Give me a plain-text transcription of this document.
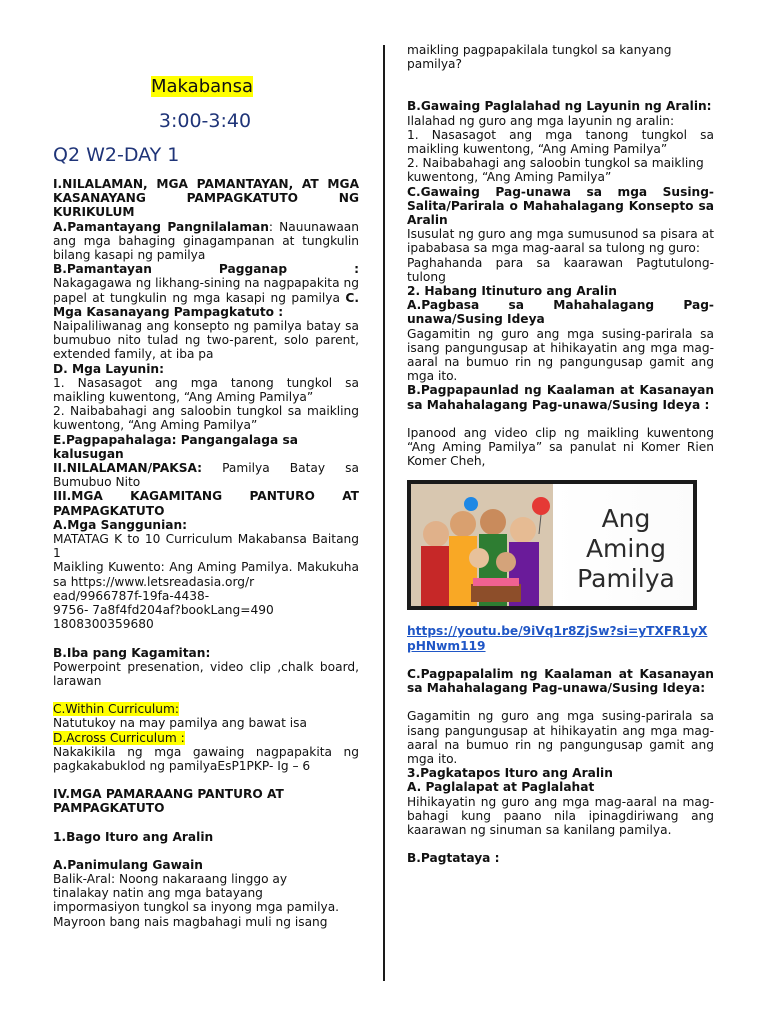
Makabansa
3:00-3:40
Q2 W2-DAY 1
I.NILALAMAN, MGA PAMANTAYAN, AT MGA KASANAYANG PAMPAGKATUTO NG KURIKULUM
A.Pamantayang Pangnilalaman: Nauunawaan ang mga bahaging ginagampanan at tungkulin bilang kasapi ng pamilya
B.Pamantayan Pagganap :
Nakagagawa ng likhang-sining na nagpapakita ng papel at tungkulin ng mga kasapi ng pamilya C. Mga Kasanayang Pampagkatuto :
Naipaliliwanag ang konsepto ng pamilya batay sa bumubuo nito tulad ng two-parent, solo parent, extended family, at iba pa
D. Mga Layunin:
1. Nasasagot ang mga tanong tungkol sa maikling kuwentong, “Ang Aming Pamilya”
2. Naibabahagi ang saloobin tungkol sa maikling kuwentong, “Ang Aming Pamilya”
E.Pagpapahalaga: Pangangalaga sa kalusugan
II.NILALAMAN/PAKSA: Pamilya Batay sa Bumubuo Nito
III.MGA KAGAMITANG PANTURO AT PAMPAGKATUTO
A.Mga Sanggunian:
MATATAG K to 10 Curriculum Makabansa Baitang 1
Maikling Kuwento: Ang Aming Pamilya. Makukuha sa https://www.letsreadasia.org/r
ead/9966787f-19fa-4438-
9756- 7a8f4fd204af?bookLang=490
1808300359680
B.Iba pang Kagamitan:
Powerpoint presenation, video clip ,chalk board, larawan
C.Within Curriculum:
Natutukoy na may pamilya ang bawat isa
D.Across Curriculum :
Nakakikila ng mga gawaing nagpapakita ng pagkakabuklod ng pamilyaEsP1PKP- Ig – 6
IV.MGA PAMARAANG PANTURO AT PAMPAGKATUTO
1.Bago Ituro ang Aralin
A.Panimulang Gawain
Balik-Aral: Noong nakaraang linggo ay
tinalakay natin ang mga batayang
impormasiyon tungkol sa inyong mga pamilya.
Mayroon bang nais magbahagi muli ng isang
maikling pagpapakilala tungkol sa kanyang pamilya?
B.Gawaing Paglalahad ng Layunin ng Aralin:
Ilalahad ng guro ang mga layunin ng aralin:
1. Nasasagot ang mga tanong tungkol sa maikling kuwentong, “Ang Aming Pamilya”
2. Naibabahagi ang saloobin tungkol sa maikling
kuwentong, “Ang Aming Pamilya”
C.Gawaing Pag-unawa sa mga Susing-Salita/Parirala o Mahahalagang Konsepto sa Aralin
Isusulat ng guro ang mga sumusunod sa pisara at ipababasa sa mga mag-aaral sa tulong ng guro:
Paghahanda para sa kaarawan Pagtutulong-tulong
2. Habang Itinuturo ang Aralin
A.Pagbasa sa Mahahalagang Pag-unawa/Susing Ideya
Gagamitin ng guro ang mga susing-parirala sa isang pangungusap at hihikayatin ang mga mag-aaral na bumuo rin ng pangungusap gamit ang mga ito.
B.Pagpapaunlad ng Kaalaman at Kasanayan sa Mahahalagang Pag-unawa/Susing Ideya :
Ipanood ang video clip ng maikling kuwentong “Ang Aming Pamilya” sa panulat ni Komer Rien Komer Cheh,
Ang
Aming
Pamilya
https://youtu.be/9iVq1r8ZjSw?si=yTXFR1yXpHNwm119
C.Pagpapalalim ng Kaalaman at Kasanayan sa Mahahalagang Pag-unawa/Susing Ideya:
Gagamitin ng guro ang mga susing-parirala sa isang pangungusap at hihikayatin ang mga mag-aaral na bumuo rin ng pangungusap gamit ang mga ito.
3.Pagkatapos Ituro ang Aralin
A. Paglalapat at Paglalahat
Hihikayatin ng guro ang mga mag-aaral na mag-bahagi kung paano nila ipinagdiriwang ang kaarawan ng sinuman sa kanilang pamilya.
B.Pagtataya :
